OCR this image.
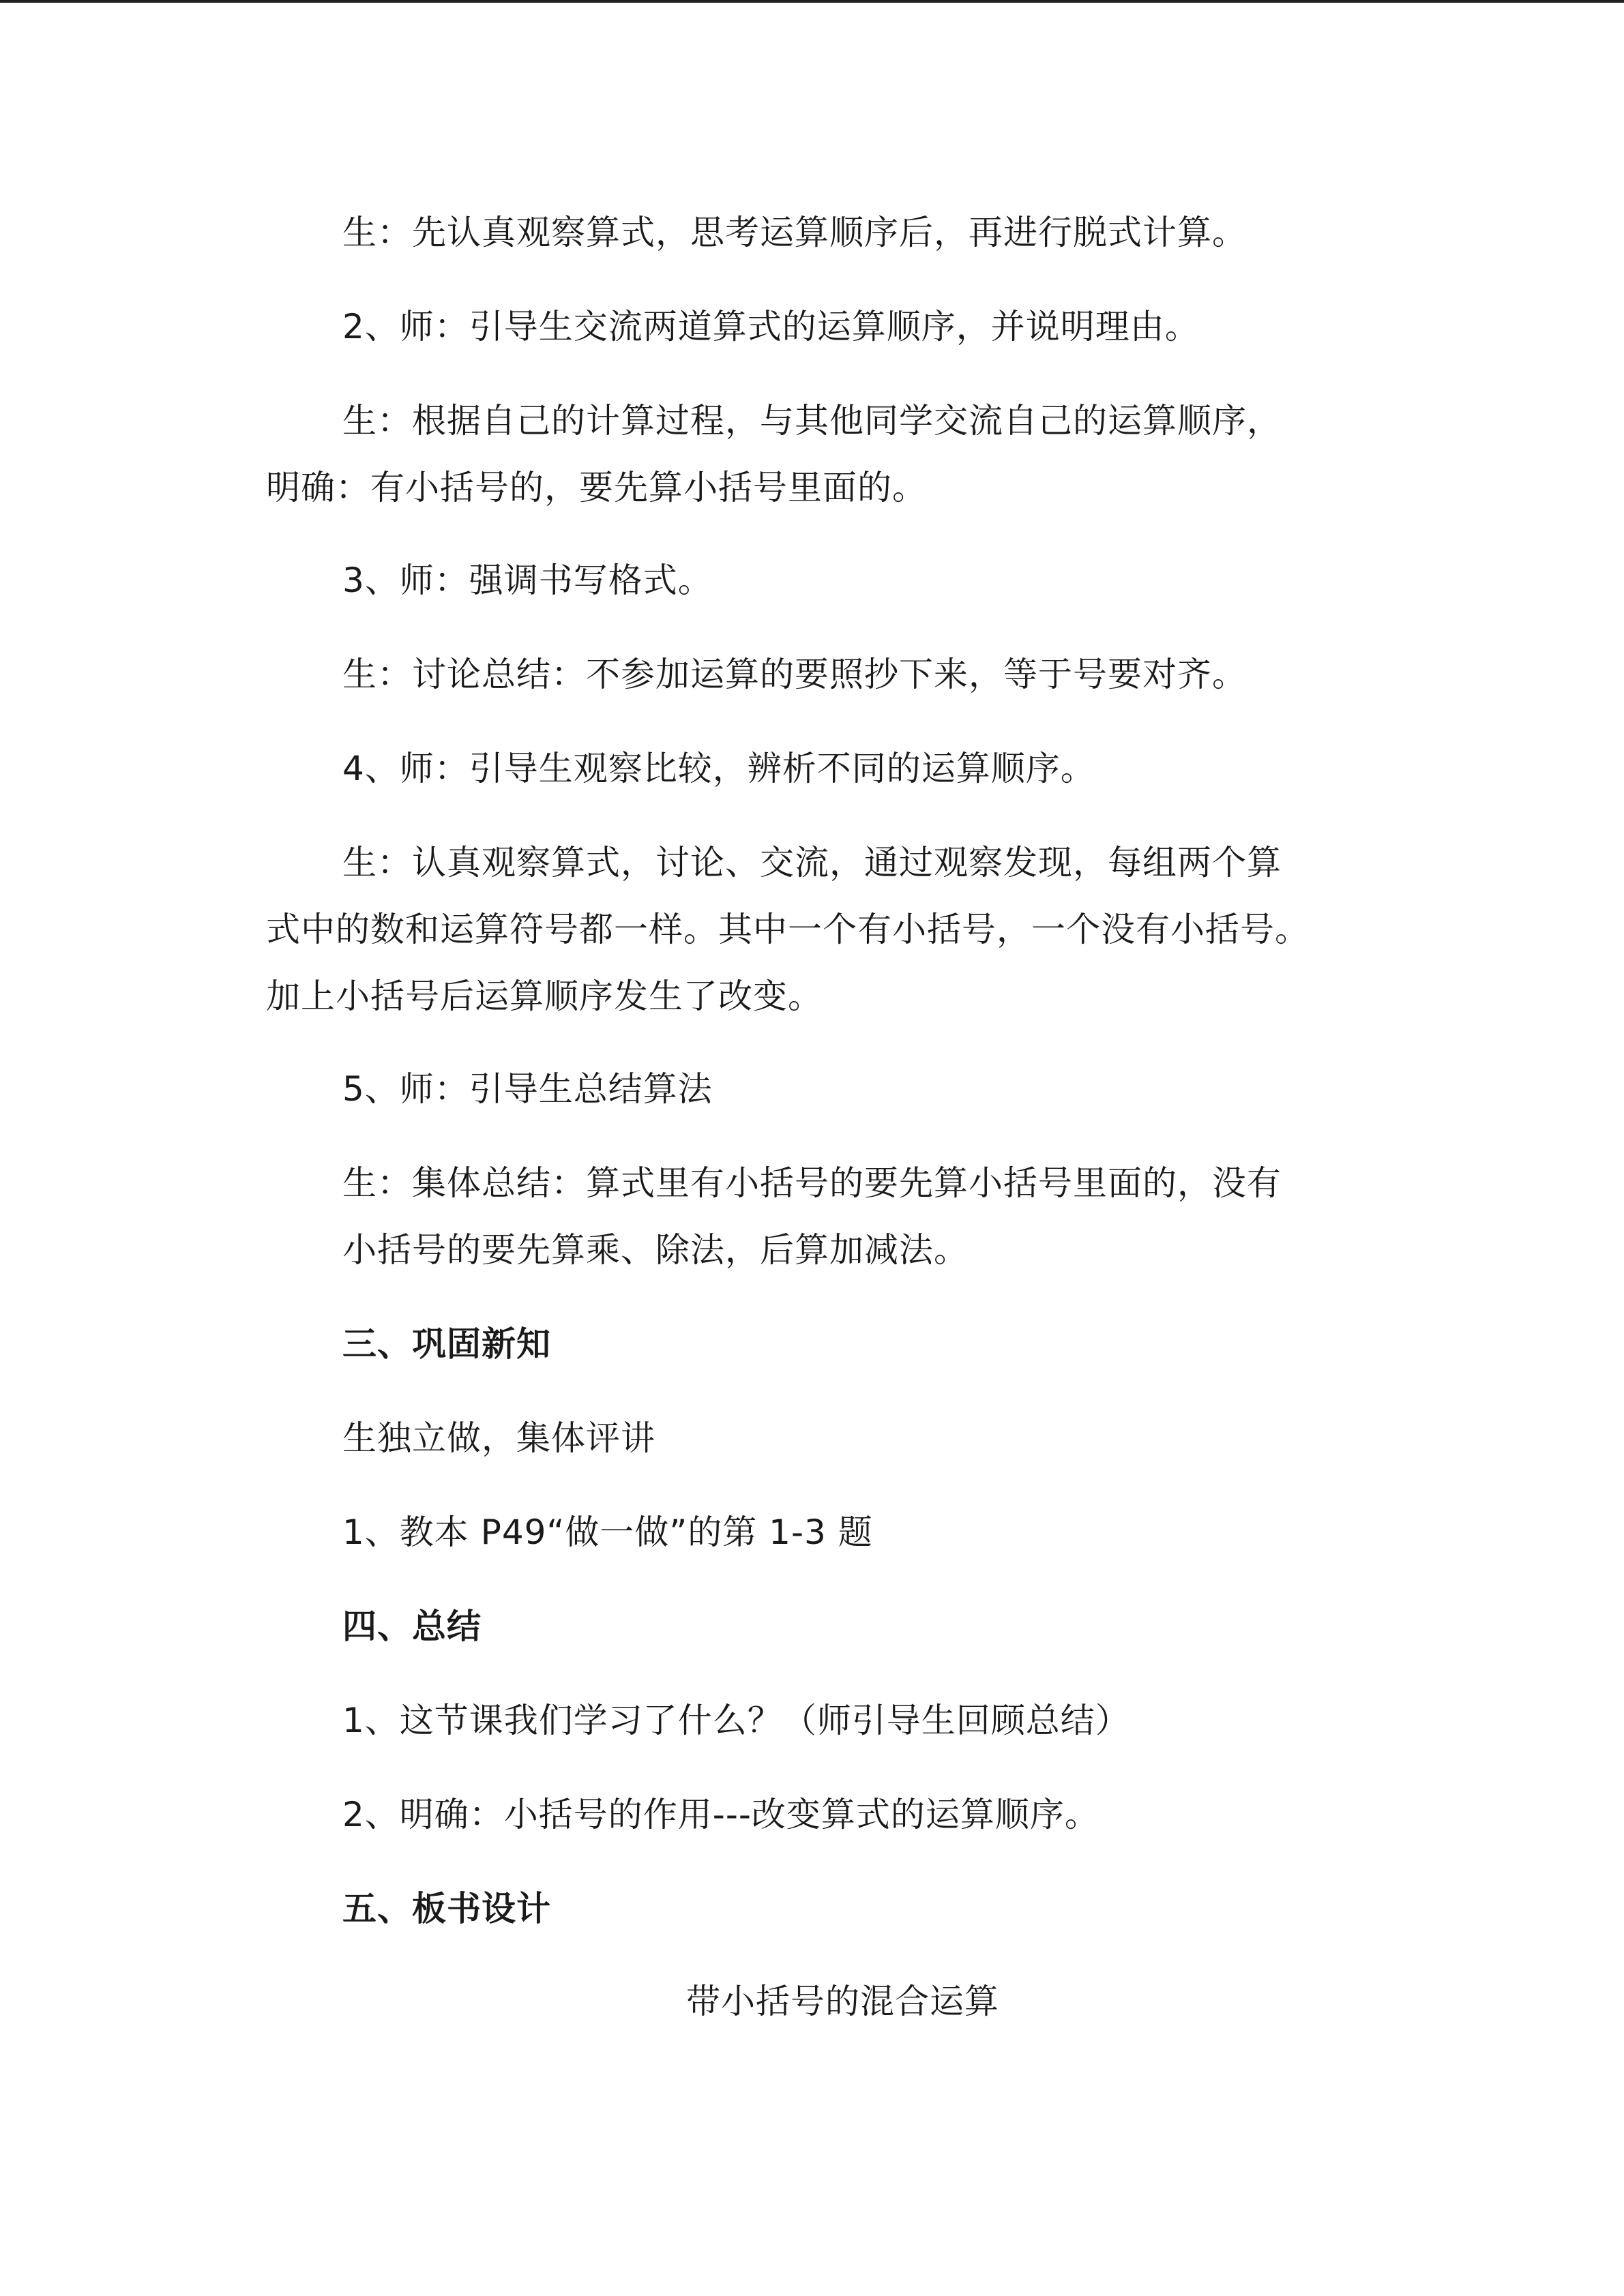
生：先认真观察算式，思考运算顺序后，再进行脱式计算。
2、师：引导生交流两道算式的运算顺序，并说明理由。
生：根据自己的计算过程，与其他同学交流自己的运算顺序，
明确：有小括号的，要先算小括号里面的。
3、师：强调书写格式。
生：讨论总结：不参加运算的要照抄下来，等于号要对齐。
4、师：引导生观察比较，辨析不同的运算顺序。
生：认真观察算式，讨论、交流，通过观察发现，每组两个算
式中的数和运算符号都一样。其中一个有小括号，一个没有小括号。
加上小括号后运算顺序发生了改变。
5、师：引导生总结算法
生：集体总结：算式里有小括号的要先算小括号里面的，没有
小括号的要先算乘、除法，后算加减法。
三、巩固新知
生独立做，集体评讲
1、教本 P49“做一做”的第 1-3 题
四、总结
1、这节课我们学习了什么？（师引导生回顾总结）
2、明确：小括号的作用---改变算式的运算顺序。
五、板书设计
带小括号的混合运算
